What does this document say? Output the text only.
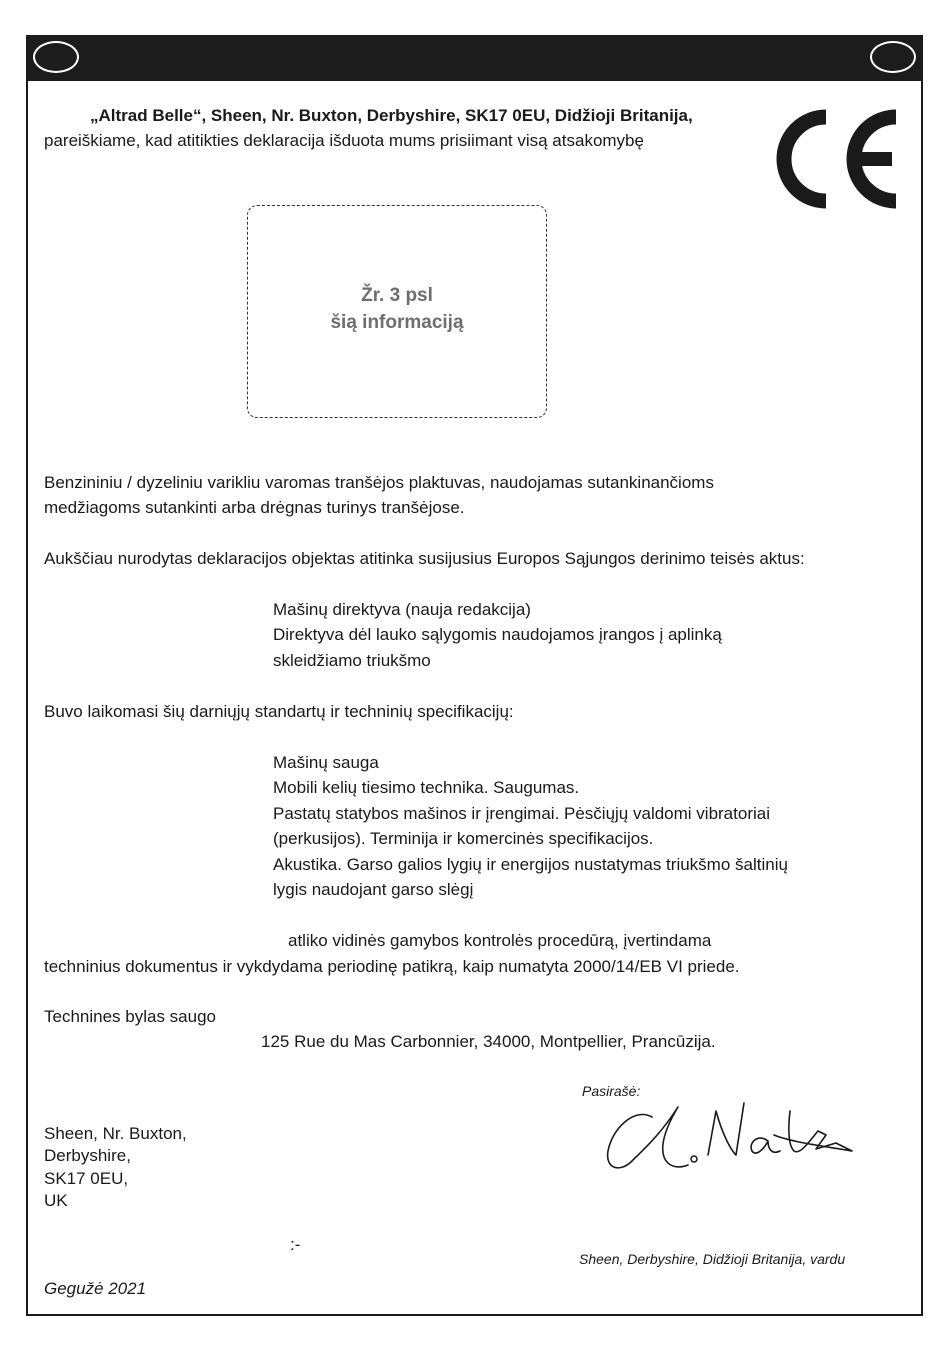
„Altrad Belle“, Sheen, Nr. Buxton, Derbyshire, SK17 0EU, Didžioji Britanija,
pareiškiame, kad atitikties deklaracija išduota mums prisiimant visą atsakomybę
Žr. 3 psl
šią informaciją
Benzininiu / dyzeliniu varikliu varomas tranšėjos plaktuvas, naudojamas sutankinančioms
medžiagoms sutankinti arba drėgnas turinys tranšėjose.
Aukščiau nurodytas deklaracijos objektas atitinka susijusius Europos Sąjungos derinimo teisės aktus:
Mašinų direktyva (nauja redakcija)
Direktyva dėl lauko sąlygomis naudojamos įrangos į aplinką
skleidžiamo triukšmo
Buvo laikomasi šių darniųjų standartų ir techninių specifikacijų:
Mašinų sauga
Mobili kelių tiesimo technika. Saugumas.
Pastatų statybos mašinos ir įrengimai. Pėsčiųjų valdomi vibratoriai
(perkusijos). Terminija ir komercinės specifikacijos.
Akustika. Garso galios lygių ir energijos nustatymas triukšmo šaltinių
lygis naudojant garso slėgį
atliko vidinės gamybos kontrolės procedūrą, įvertindama
techninius dokumentus ir vykdydama periodinę patikrą, kaip numatyta 2000/14/EB VI priede.
Technines bylas saugo
125 Rue du Mas Carbonnier, 34000, Montpellier, Prancūzija.
Pasirašė:
Sheen, Nr. Buxton,
Derbyshire,
SK17 0EU,
UK
:-
Sheen, Derbyshire, Didžioji Britanija, vardu
Gegužė 2021
